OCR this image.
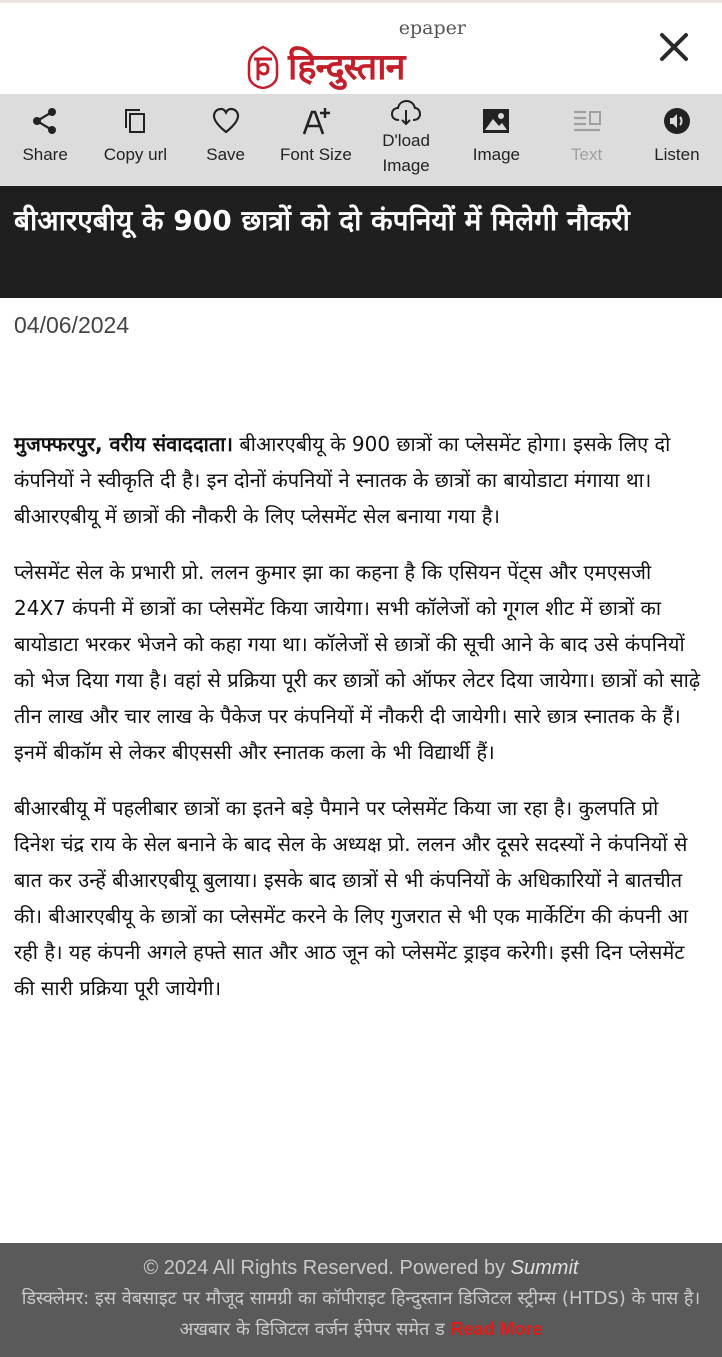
epaper
हिन्दुस्तान
Share Copy url Save Font Size
D'load
Image
Image	Text	Listen
बीआरएबीयू के 900 छात्रों को दो कंपनियों में मिलेगी नौकरी
04/06/2024

मुजफ्फरपुर, वरीय संवाददाता। बीआरएबीयू के 900 छात्रों का प्लेसमेंट होगा। इसके लिए दो कंपनियों ने स्वीकृति दी है। इन दोनों कंपनियों ने स्नातक के छात्रों का बायोडाटा मंगाया था। बीआरएबीयू में छात्रों की नौकरी के लिए प्लेसमेंट सेल बनाया गया है।

प्लेसमेंट सेल के प्रभारी प्रो. ललन कुमार झा का कहना है कि एसियन पेंट्स और एमएसजी 24X7 कंपनी में छात्रों का प्लेसमेंट किया जायेगा। सभी कॉलेजों को गूगल शीट में छात्रों का बायोडाटा भरकर भेजने को कहा गया था। कॉलेजों से छात्रों की सूची आने के बाद उसे कंपनियों को भेज दिया गया है। वहां से प्रक्रिया पूरी कर छात्रों को ऑफर लेटर दिया जायेगा। छात्रों को साढ़े तीन लाख और चार लाख के पैकेज पर कंपनियों में नौकरी दी जायेगी। सारे छात्र स्नातक के हैं। इनमें बीकॉम से लेकर बीएससी और स्नातक कला के भी विद्यार्थी हैं।

बीआरबीयू में पहलीबार छात्रों का इतने बड़े पैमाने पर प्लेसमेंट किया जा रहा है। कुलपति प्रो दिनेश चंद्र राय के सेल बनाने के बाद सेल के अध्यक्ष प्रो. ललन और दूसरे सदस्यों ने कंपनियों से बात कर उन्हें बीआरएबीयू बुलाया। इसके बाद छात्रों से भी कंपनियों के अधिकारियों ने बातचीत की। बीआरएबीयू के छात्रों का प्लेसमेंट करने के लिए गुजरात से भी एक मार्केटिंग की कंपनी आ रही है। यह कंपनी अगले हफ्ते सात और आठ जून को प्लेसमेंट ड्राइव करेगी। इसी दिन प्लेसमेंट की सारी प्रक्रिया पूरी जायेगी।

© 2024 All Rights Reserved. Powered by Summit
डिस्क्लेमर: इस वेबसाइट पर मौजूद सामग्री का कॉपीराइट हिन्दुस्तान डिजिटल स्ट्रीम्स (HTDS) के पास है। अखबार के डिजिटल वर्जन ईपेपर समेत ड Read More
